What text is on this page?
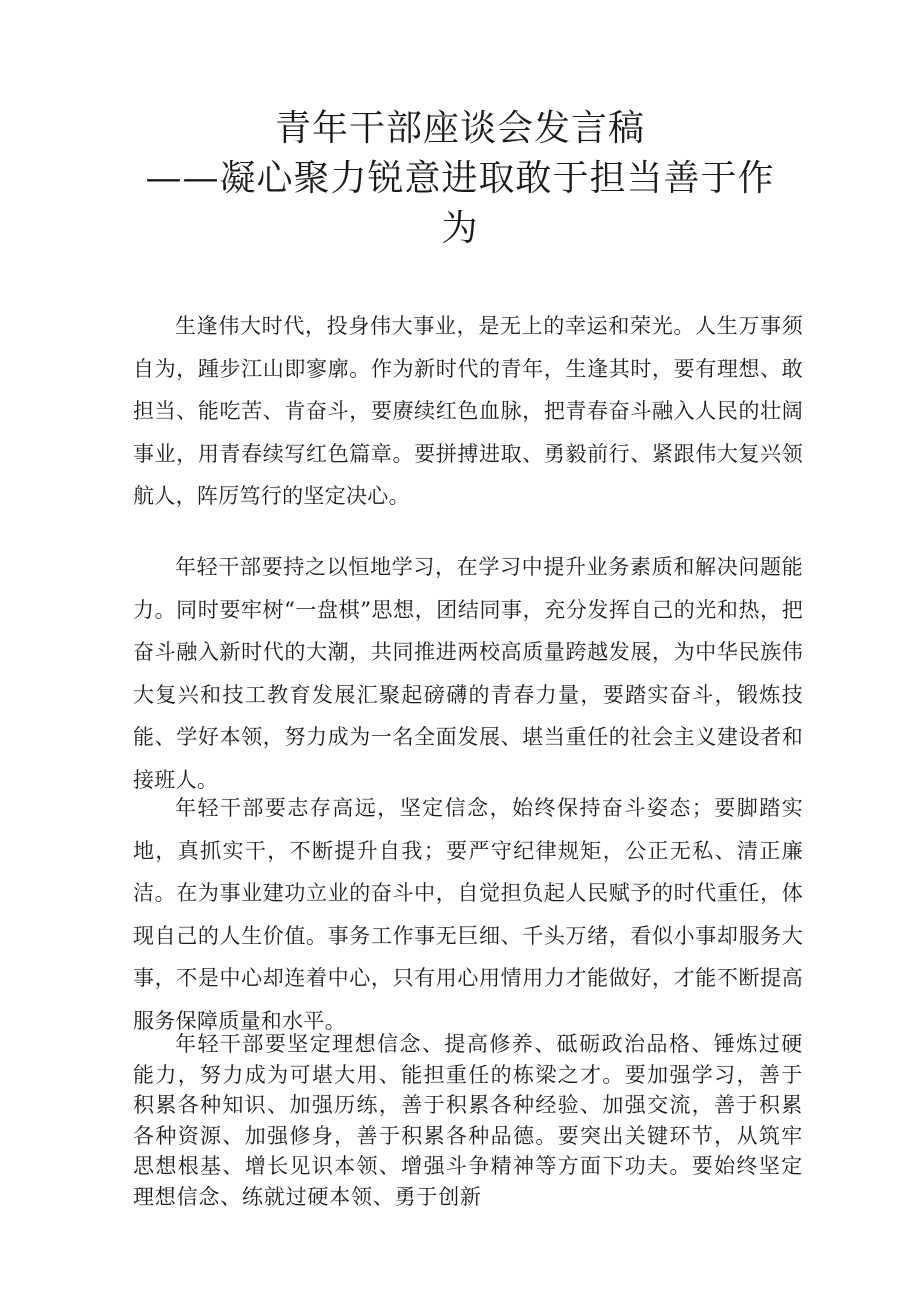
青年干部座谈会发言稿
——凝心聚力锐意进取敢于担当善于作
为

生逢伟大时代，投身伟大事业，是无上的幸运和荣光。人生万事须自为，踵步江山即寥廓。作为新时代的青年，生逢其时，要有理想、敢担当、能吃苦、肯奋斗，要赓续红色血脉，把青春奋斗融入人民的壮阔事业，用青春续写红色篇章。要拼搏进取、勇毅前行、紧跟伟大复兴领航人，阵厉笃行的坚定决心。

年轻干部要持之以恒地学习，在学习中提升业务素质和解决问题能力。同时要牢树“一盘棋”思想，团结同事，充分发挥自己的光和热，把奋斗融入新时代的大潮，共同推进两校高质量跨越发展，为中华民族伟大复兴和技工教育发展汇聚起磅礴的青春力量，要踏实奋斗，锻炼技能、学好本领，努力成为一名全面发展、堪当重任的社会主义建设者和接班人。

年轻干部要志存高远，坚定信念，始终保持奋斗姿态；要脚踏实地，真抓实干，不断提升自我；要严守纪律规矩，公正无私、清正廉洁。在为事业建功立业的奋斗中，自觉担负起人民赋予的时代重任，体现自己的人生价值。事务工作事无巨细、千头万绪，看似小事却服务大事，不是中心却连着中心，只有用心用情用力才能做好，才能不断提高服务保障质量和水平。

年轻干部要坚定理想信念、提高修养、砥砺政治品格、锤炼过硬能力，努力成为可堪大用、能担重任的栋梁之才。要加强学习，善于积累各种知识、加强历练，善于积累各种经验、加强交流，善于积累各种资源、加强修身，善于积累各种品德。要突出关键环节，从筑牢思想根基、增长见识本领、增强斗争精神等方面下功夫。要始终坚定理想信念、练就过硬本领、勇于创新
